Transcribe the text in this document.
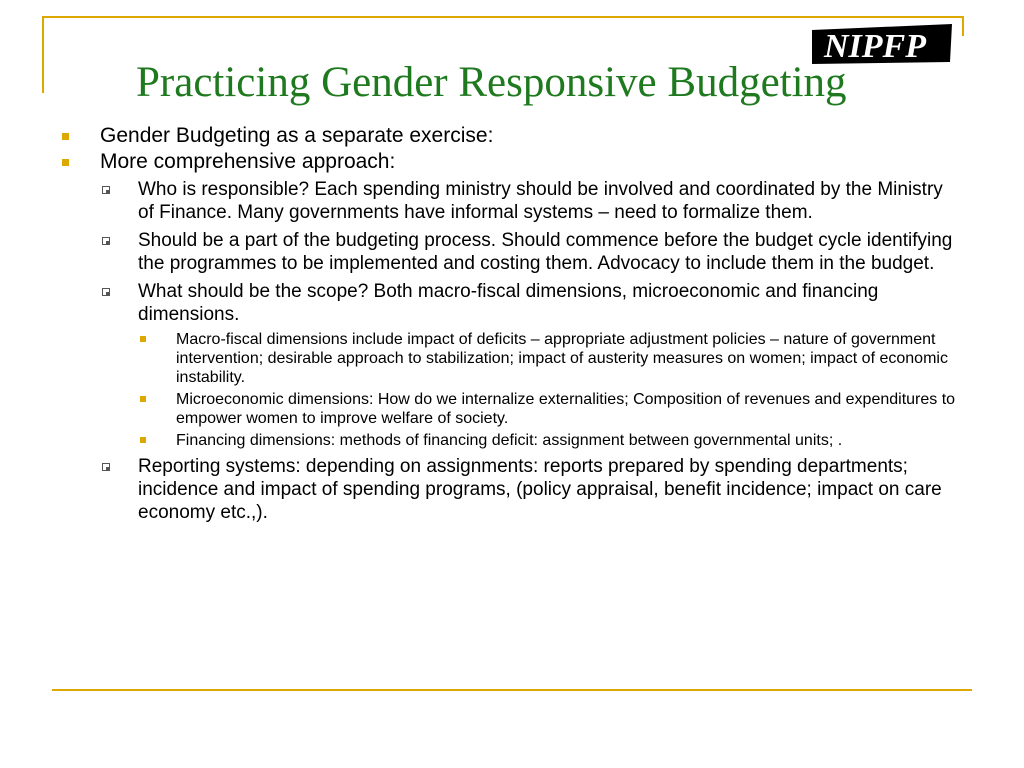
NIPFP
Practicing Gender Responsive Budgeting
Gender Budgeting as a separate exercise:
More comprehensive approach:
Who is responsible? Each spending ministry should be involved and coordinated by the Ministry of Finance. Many governments have informal systems – need to formalize them.
Should be a part of the budgeting process. Should commence before the budget cycle identifying the programmes to be implemented and costing them. Advocacy to include them in the budget.
What should be the scope? Both macro-fiscal dimensions, microeconomic and financing dimensions.
Macro-fiscal dimensions include impact of deficits – appropriate adjustment policies – nature of government intervention; desirable approach to stabilization; impact of austerity measures on women; impact of economic instability.
Microeconomic dimensions: How do we internalize externalities; Composition of revenues and expenditures to empower women to improve welfare of society.
Financing dimensions: methods of financing deficit: assignment between governmental units; .
Reporting systems: depending on assignments: reports prepared by spending departments; incidence and impact of spending programs, (policy appraisal, benefit incidence; impact on care economy etc.,).
